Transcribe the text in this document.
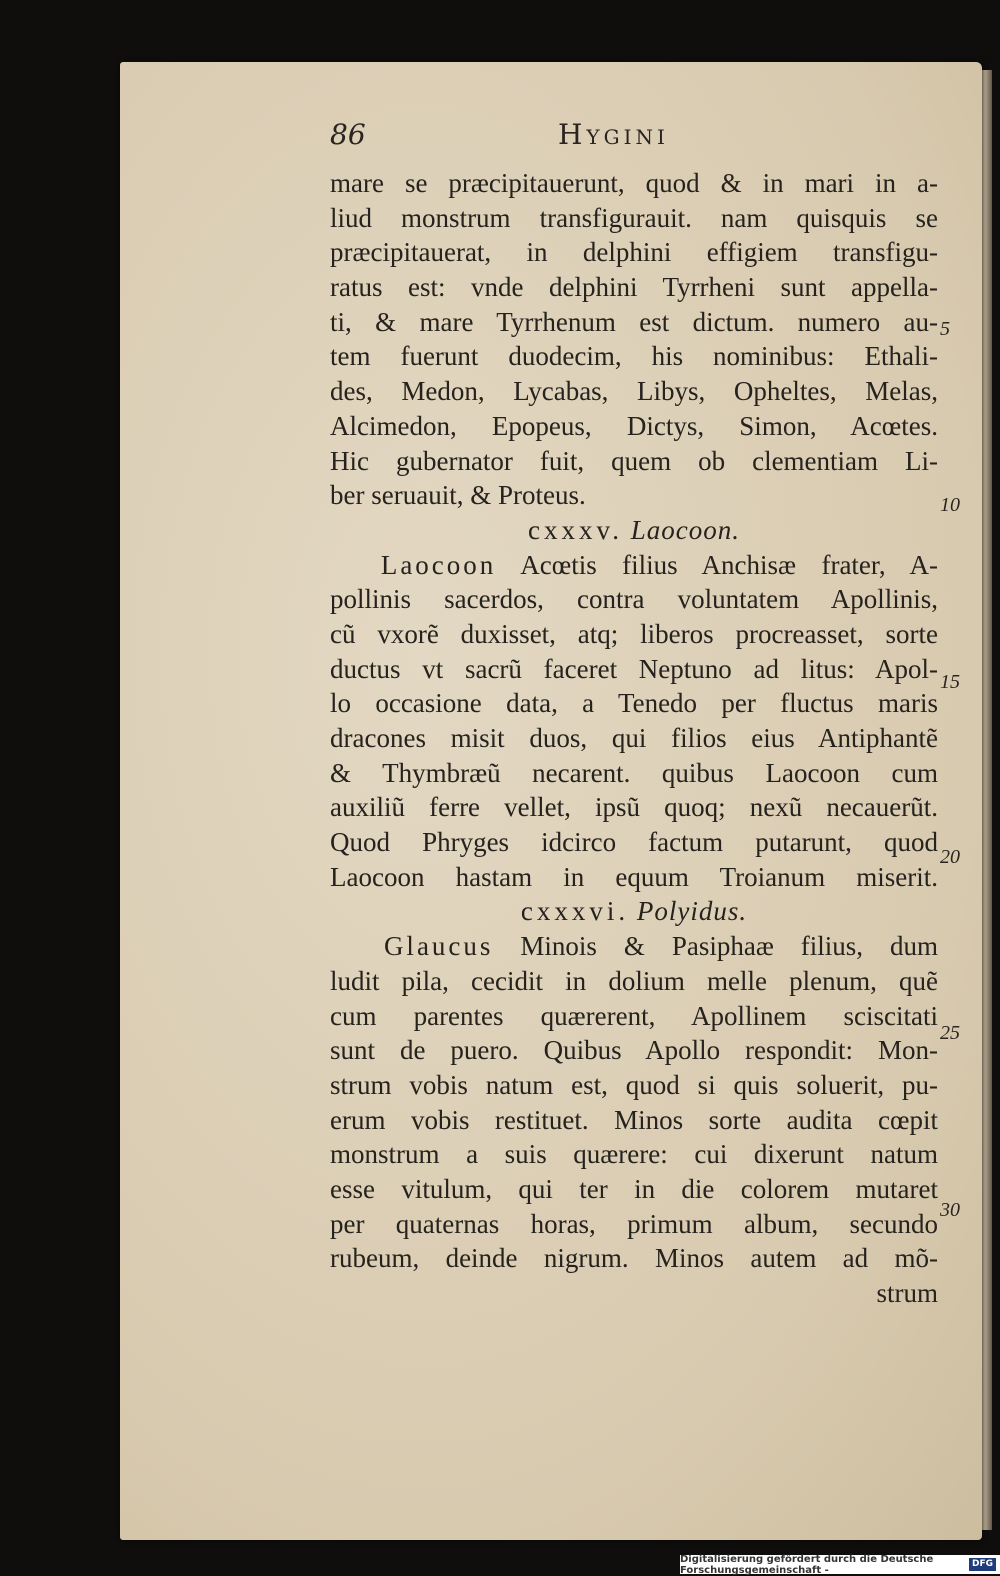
86	Hygini
mare se præcipitauerunt, quod & in mari in a-
liud monstrum transfigurauit. nam quisquis se
præcipitauerat, in delphini effigiem transfigu-
ratus est: vnde delphini Tyrrheni sunt appella-
ti, & mare Tyrrhenum est dictum. numero au-
tem fuerunt duodecim, his nominibus: Ethali-
des, Medon, Lycabas, Libys, Opheltes, Melas,
Alcimedon, Epopeus, Dictys, Simon, Acœtes.
Hic gubernator fuit, quem ob clementiam Li-
ber seruauit, & Proteus.
cxxxv. Laocoon.
Laocoon Acœtis filius Anchisæ frater, A-
pollinis sacerdos, contra voluntatem Apollinis,
cũ vxorẽ duxisset, atq; liberos procreasset, sorte
ductus vt sacrũ faceret Neptuno ad litus: Apol-
lo occasione data, a Tenedo per fluctus maris
dracones misit duos, qui filios eius Antiphantẽ
& Thymbræũ necarent. quibus Laocoon cum
auxiliũ ferre vellet, ipsũ quoq; nexũ necauerũt.
Quod Phryges idcirco factum putarunt, quod
Laocoon hastam in equum Troianum miserit.
cxxxvi. Polyidus.
Glaucus Minois & Pasiphaæ filius, dum
ludit pila, cecidit in dolium melle plenum, quẽ
cum parentes quærerent, Apollinem sciscitati
sunt de puero. Quibus Apollo respondit: Mon-
strum vobis natum est, quod si quis soluerit, pu-
erum vobis restituet. Minos sorte audita cœpit
monstrum a suis quærere: cui dixerunt natum
esse vitulum, qui ter in die colorem mutaret
per quaternas horas, primum album, secundo
rubeum, deinde nigrum. Minos autem ad mõ-
strum
5
10
15
20
25
30
Digitalisierung gefördert durch die Deutsche Forschungsgemeinschaft -
DFG
